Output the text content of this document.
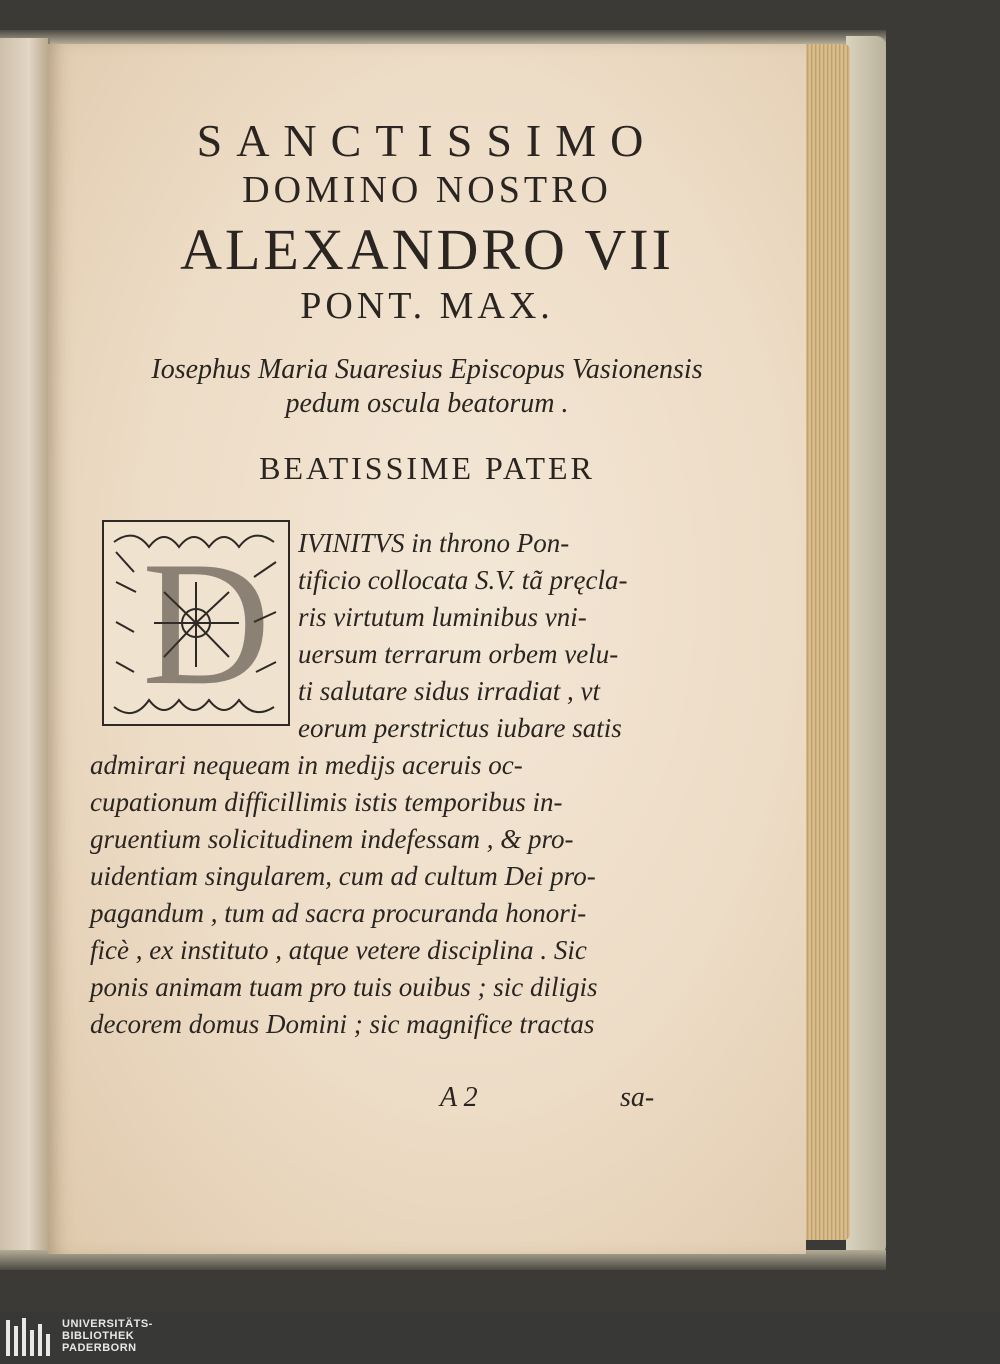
SANCTISSIMO
DOMINO NOSTRO
ALEXANDRO VII
PONT. MAX.
Iosephus Maria Suaresius Episcopus Vasionensis
pedum oscula beatorum .
BEATISSIME PATER
D IVINITVS in throno Pon-
tificio collocata S.V. tã pręcla-
ris virtutum luminibus vni-
uersum terrarum orbem velu-
ti salutare sidus irradiat , vt
eorum perstrictus iubare satis
admirari nequeam in medijs aceruis oc-
cupationum difficillimis istis temporibus in-
gruentium solicitudinem indefessam , & pro-
uidentiam singularem, cum ad cultum Dei pro-
pagandum , tum ad sacra procuranda honori-
ficè , ex instituto , atque vetere disciplina . Sic
ponis animam tuam pro tuis ouibus ; sic diligis
decorem domus Domini ; sic magnifice tractas
A 2	sa-
UNIVERSITÄTS-
BIBLIOTHEK
PADERBORN
